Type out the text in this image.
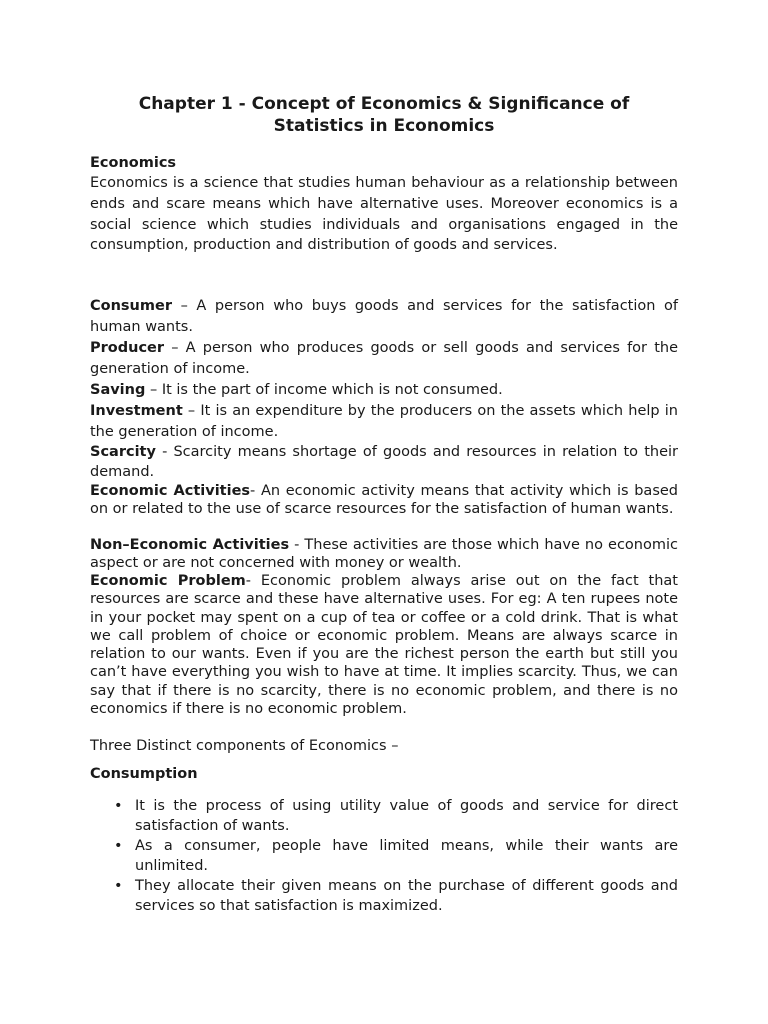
Chapter 1 - Concept of Economics & Significance of
Statistics in Economics
Economics

Economics is a science that studies human behaviour as a relationship between ends and scare means which have alternative uses. Moreover economics is a social science which studies individuals and organisations engaged in the consumption, production and distribution of goods and services.

Consumer – A person who buys goods and services for the satisfaction of human wants.

Producer – A person who produces goods or sell goods and services for the generation of income.

Saving – It is the part of income which is not consumed.

Investment – It is an expenditure by the producers on the assets which help in the generation of income.

Scarcity - Scarcity means shortage of goods and resources in relation to their demand.

Economic Activities- An economic activity means that activity which is based on or related to the use of scarce resources for the satisfaction of human wants.

Non–Economic Activities - These activities are those which have no economic aspect or are not concerned with money or wealth.

Economic Problem- Economic problem always arise out on the fact that resources are scarce and these have alternative uses. For eg: A ten rupees note in your pocket may spent on a cup of tea or coffee or a cold drink. That is what we call problem of choice or economic problem. Means are always scarce in relation to our wants. Even if you are the richest person the earth but still you can’t have everything you wish to have at time. It implies scarcity. Thus, we can say that if there is no scarcity, there is no economic problem, and there is no economics if there is no economic problem.

Three Distinct components of Economics –

Consumption
• It is the process of using utility value of goods and service for direct satisfaction of wants.
• As a consumer, people have limited means, while their wants are unlimited.
• They allocate their given means on the purchase of different goods and services so that satisfaction is maximized.
